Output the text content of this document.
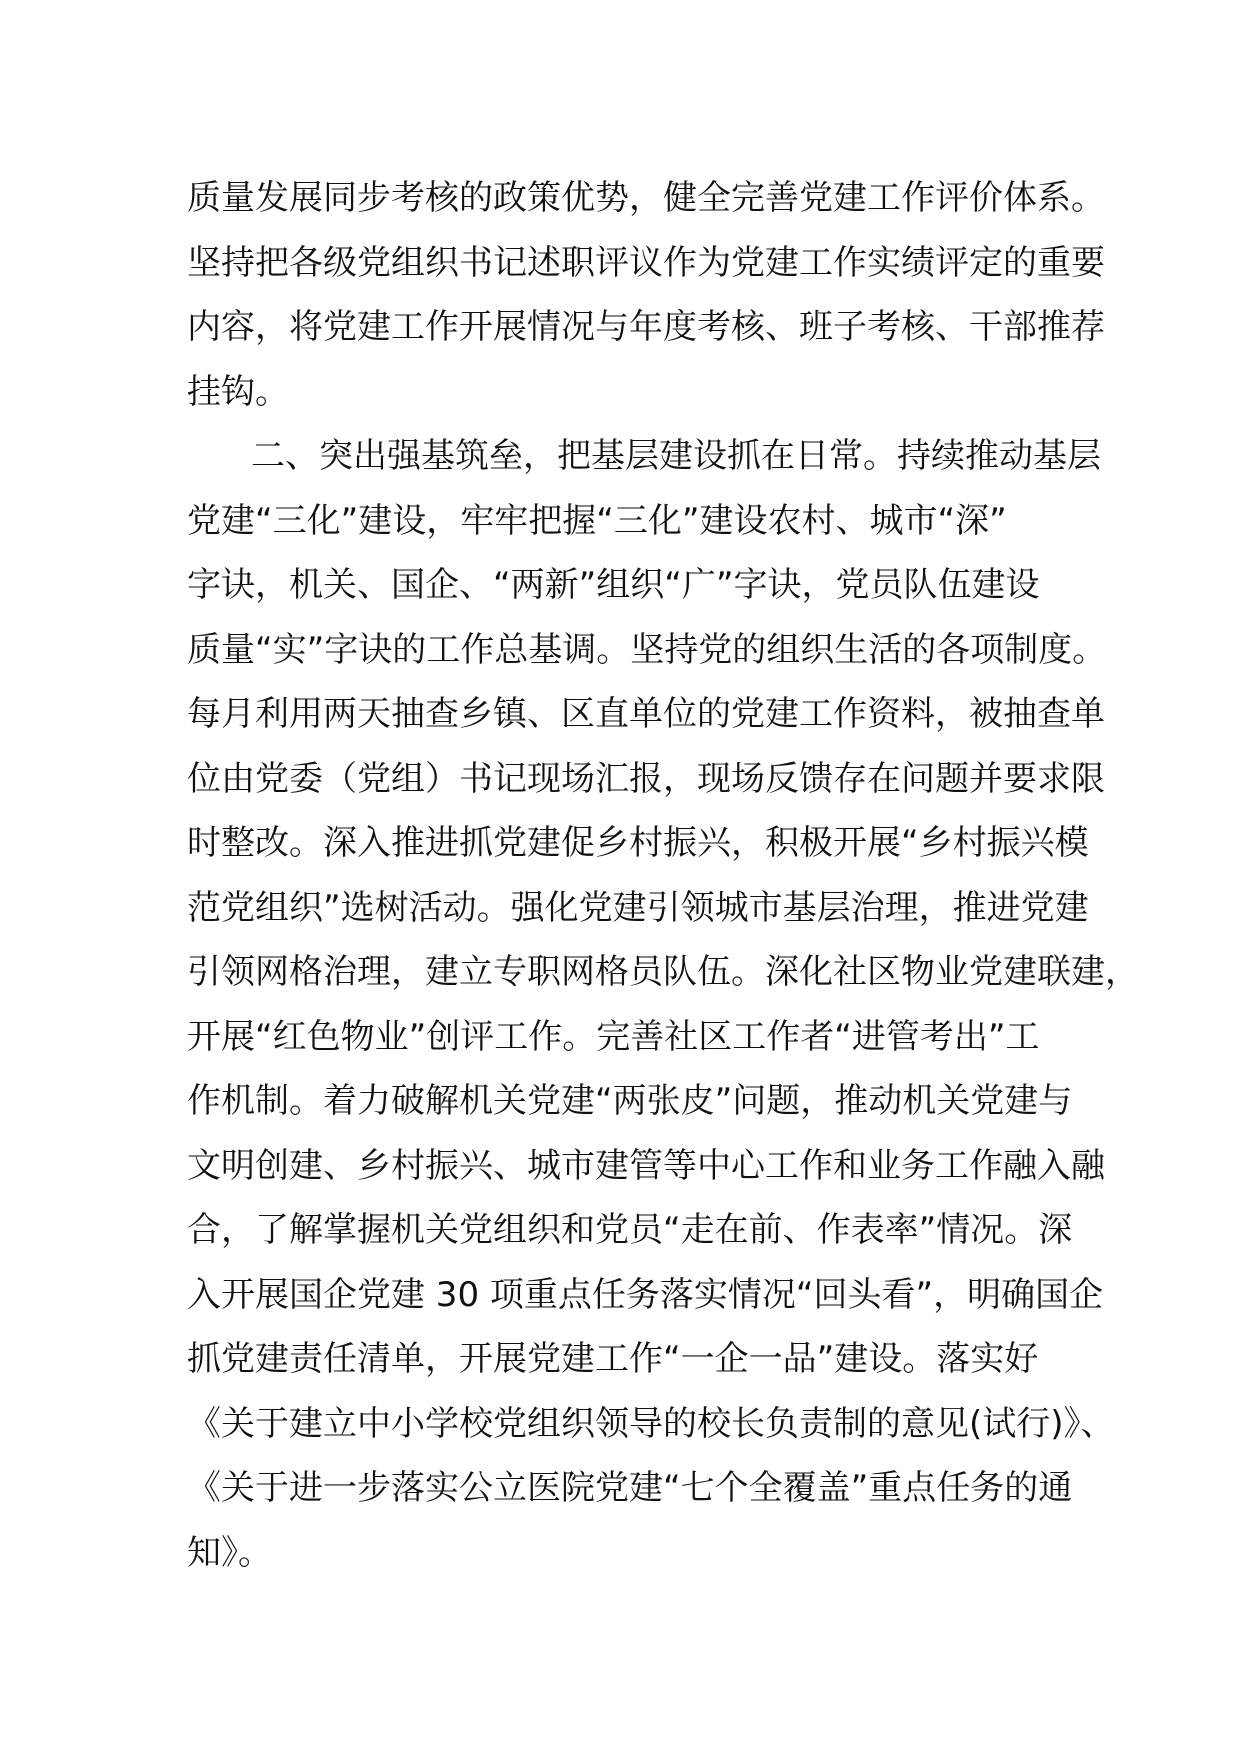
质量发展同步考核的政策优势，健全完善党建工作评价体系。
坚持把各级党组织书记述职评议作为党建工作实绩评定的重要
内容，将党建工作开展情况与年度考核、班子考核、干部推荐
挂钩。
二、突出强基筑垒，把基层建设抓在日常。持续推动基层
党建“三化”建设，牢牢把握“三化”建设农村、城市“深”
字诀，机关、国企、“两新”组织“广”字诀，党员队伍建设
质量“实”字诀的工作总基调。坚持党的组织生活的各项制度。
每月利用两天抽查乡镇、区直单位的党建工作资料，被抽查单
位由党委（党组）书记现场汇报，现场反馈存在问题并要求限
时整改。深入推进抓党建促乡村振兴，积极开展“乡村振兴模
范党组织”选树活动。强化党建引领城市基层治理，推进党建
引领网格治理，建立专职网格员队伍。深化社区物业党建联建，
开展“红色物业”创评工作。完善社区工作者“进管考出”工
作机制。着力破解机关党建“两张皮”问题，推动机关党建与
文明创建、乡村振兴、城市建管等中心工作和业务工作融入融
合，了解掌握机关党组织和党员“走在前、作表率”情况。深
入开展国企党建 30 项重点任务落实情况“回头看”，明确国企
抓党建责任清单，开展党建工作“一企一品”建设。落实好
《关于建立中小学校党组织领导的校长负责制的意见(试行)》、
《关于进一步落实公立医院党建“七个全覆盖”重点任务的通
知》。
